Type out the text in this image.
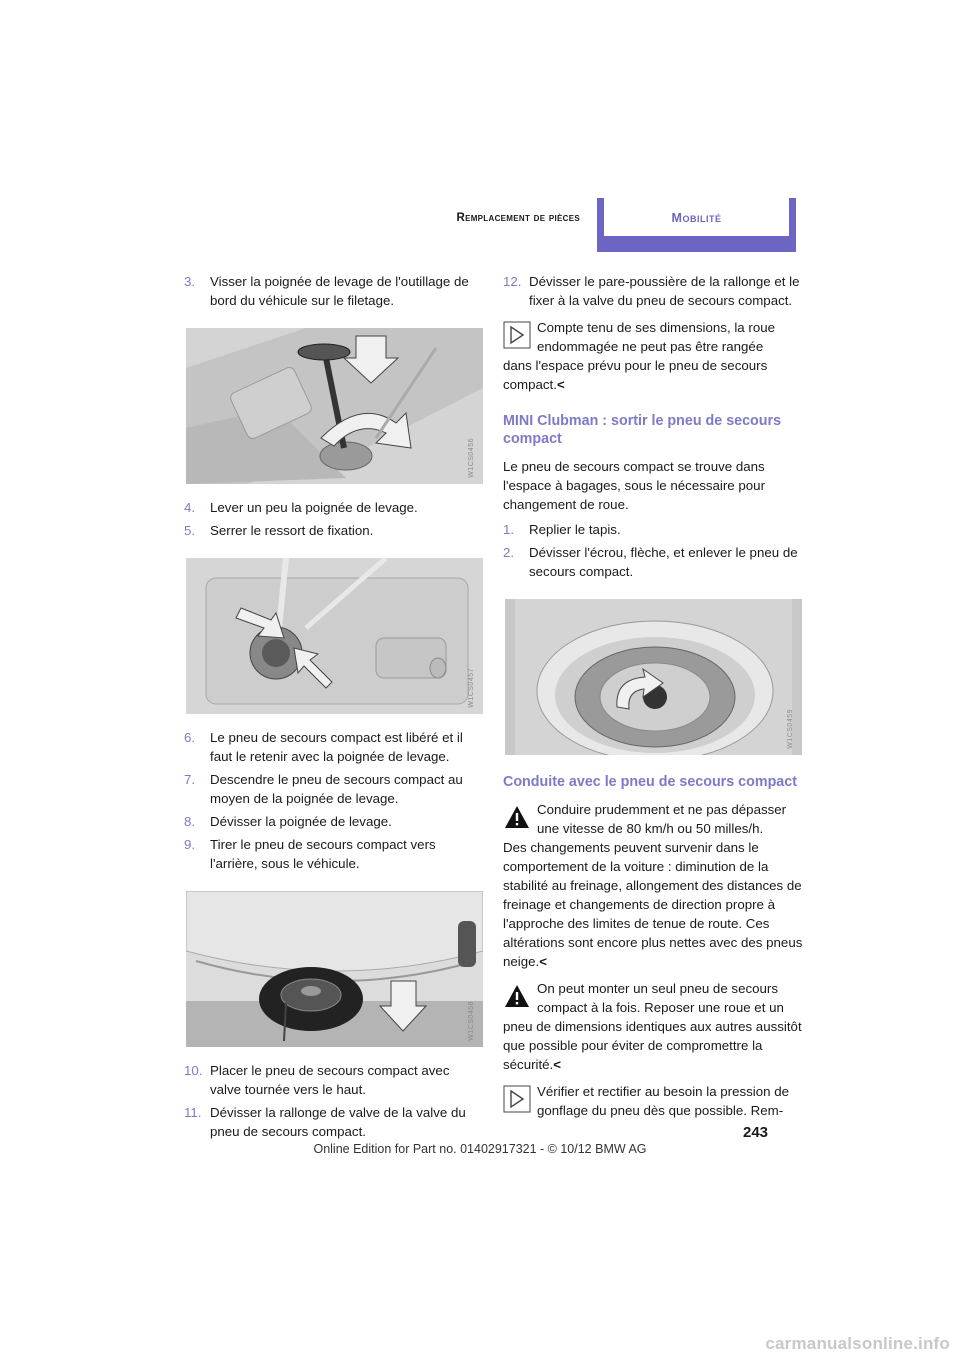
Remplacement de pièces	Mobilité
3.	Visser la poignée de levage de l'outillage de bord du véhicule sur le filetage.
W1CS0456
4.	Lever un peu la poignée de levage.
5.	Serrer le ressort de fixation.
W1CS0457
6.	Le pneu de secours compact est libéré et il faut le retenir avec la poignée de levage.
7.	Descendre le pneu de secours compact au moyen de la poignée de levage.
8.	Dévisser la poignée de levage.
9.	Tirer le pneu de secours compact vers l'arrière, sous le véhicule.
W1CS0458
10. Placer le pneu de secours compact avec valve tournée vers le haut.
11. Dévisser la rallonge de valve de la valve du pneu de secours compact.
12. Dévisser le pare-poussière de la rallonge et le fixer à la valve du pneu de secours compact.
Compte tenu de ses dimensions, la roue endommagée ne peut pas être rangée
dans l'espace prévu pour le pneu de secours compact.<
MINI Clubman : sortir le pneu de secours compact

Le pneu de secours compact se trouve dans l'espace à bagages, sous le nécessaire pour changement de roue.

1.	Replier le tapis.
2.	Dévisser l'écrou, flèche, et enlever le pneu de secours compact.
W1CS0459
Conduite avec le pneu de secours compact
Conduire prudemment et ne pas dépasser une vitesse de 80 km/h ou 50 milles/h.
Des changements peuvent survenir dans le comportement de la voiture : diminution de la stabilité au freinage, allongement des distances de freinage et changements de direction propre à l'approche des limites de tenue de route. Ces altérations sont encore plus nettes avec des pneus neige.<
On peut monter un seul pneu de secours compact à la fois. Reposer une roue et un
pneu de dimensions identiques aux autres aussitôt que possible pour éviter de compromettre la sécurité.<
Vérifier et rectifier au besoin la pression de gonflage du pneu dès que possible. Rem-
243
Online Edition for Part no. 01402917321 - © 10/12 BMW AG
carmanualsonline.info
